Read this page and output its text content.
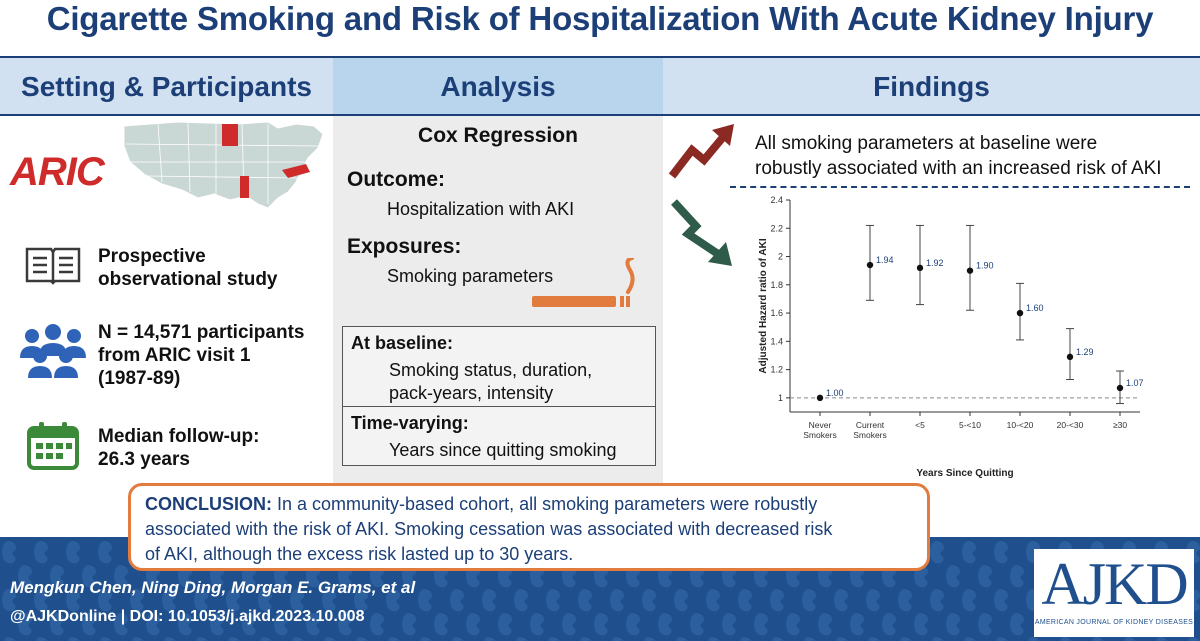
Cigarette Smoking and Risk of Hospitalization With Acute Kidney Injury
Setting & Participants	Analysis	Findings
ARIC
Prospective
observational study
N = 14,571 participants
from ARIC visit 1
(1987-89)
Median follow-up:
26.3 years
Cox Regression
Outcome:
Hospitalization with AKI
Exposures:
Smoking parameters
At baseline:
Smoking status, duration,
pack-years, intensity
Time-varying:
Years since quitting smoking
All smoking parameters at baseline were
robustly associated with an increased risk of AKI
1
1.2
1.4
1.6
1.8
2
2.2
2.4
Adjusted Hazard ratio of AKI
Years Since Quitting
Never
Smokers
1.00
Current
Smokers
1.94
<5
1.92
5-<10
1.90
10-<20
1.60
20-<30
1.29
≥30
1.07
CONCLUSION: In a community-based cohort, all smoking parameters were robustly
associated with the risk of AKI. Smoking cessation was associated with decreased risk
of AKI, although the excess risk lasted up to 30 years.
Mengkun Chen, Ning Ding, Morgan E. Grams, et al
@AJKDonline | DOI: 10.1053/j.ajkd.2023.10.008	AJKD
AMERICAN JOURNAL OF KIDNEY DISEASES
